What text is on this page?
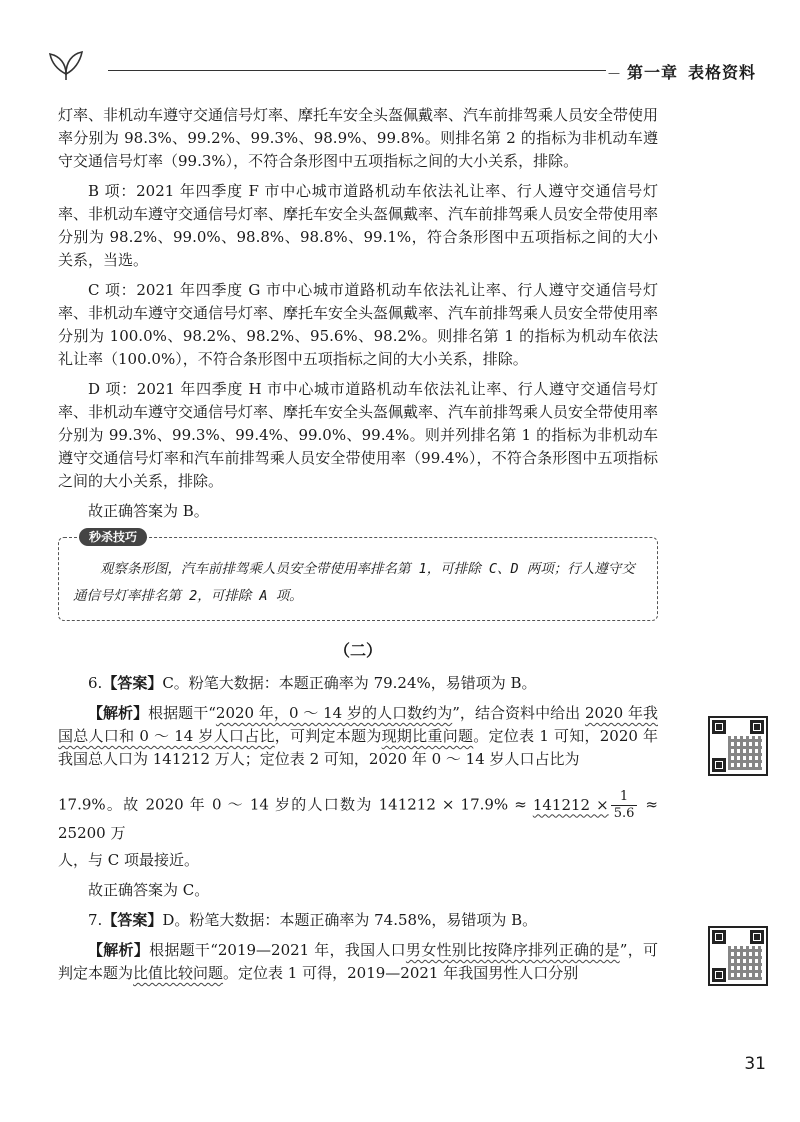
— 第一章 表格资料

灯率、非机动车遵守交通信号灯率、摩托车安全头盔佩戴率、汽车前排驾乘人员安全带使用率分别为 98.3%、99.2%、99.3%、98.9%、99.8%。则排名第 2 的指标为非机动车遵守交通信号灯率（99.3%），不符合条形图中五项指标之间的大小关系，排除。

B 项：2021 年四季度 F 市中心城市道路机动车依法礼让率、行人遵守交通信号灯率、非机动车遵守交通信号灯率、摩托车安全头盔佩戴率、汽车前排驾乘人员安全带使用率分别为 98.2%、99.0%、98.8%、98.8%、99.1%，符合条形图中五项指标之间的大小关系，当选。

C 项：2021 年四季度 G 市中心城市道路机动车依法礼让率、行人遵守交通信号灯率、非机动车遵守交通信号灯率、摩托车安全头盔佩戴率、汽车前排驾乘人员安全带使用率分别为 100.0%、98.2%、98.2%、95.6%、98.2%。则排名第 1 的指标为机动车依法礼让率（100.0%），不符合条形图中五项指标之间的大小关系，排除。

D 项：2021 年四季度 H 市中心城市道路机动车依法礼让率、行人遵守交通信号灯率、非机动车遵守交通信号灯率、摩托车安全头盔佩戴率、汽车前排驾乘人员安全带使用率分别为 99.3%、99.3%、99.4%、99.0%、99.4%。则并列排名第 1 的指标为非机动车遵守交通信号灯率和汽车前排驾乘人员安全带使用率（99.4%），不符合条形图中五项指标之间的大小关系，排除。

故正确答案为 B。

秒杀技巧
观察条形图，汽车前排驾乘人员安全带使用率排名第 1，可排除 C、D 两项；行人遵守交通信号灯率排名第 2，可排除 A 项。
（二）

6.【答案】C。粉笔大数据：本题正确率为 79.24%，易错项为 B。

【解析】根据题干“2020 年，0 ～ 14 岁的人口数约为”，结合资料中给出 2020 年我国总人口和 0 ～ 14 岁人口占比，可判定本题为现期比重问题。定位表 1 可知，2020 年我国总人口为 141212 万人；定位表 2 可知，2020 年 0 ～ 14 岁人口占比为

17.9%。故 2020 年 0 ～ 14 岁的人口数为 $141212 \times 17.9\% \approx 141212 \times \frac{1}{5.6} \approx 25200$ 万

人，与 C 项最接近。

故正确答案为 C。

7.【答案】D。粉笔大数据：本题正确率为 74.58%，易错项为 B。

【解析】根据题干“2019—2021 年，我国人口男女性别比按降序排列正确的是”，可判定本题为比值比较问题。定位表 1 可得，2019—2021 年我国男性人口分别

31
